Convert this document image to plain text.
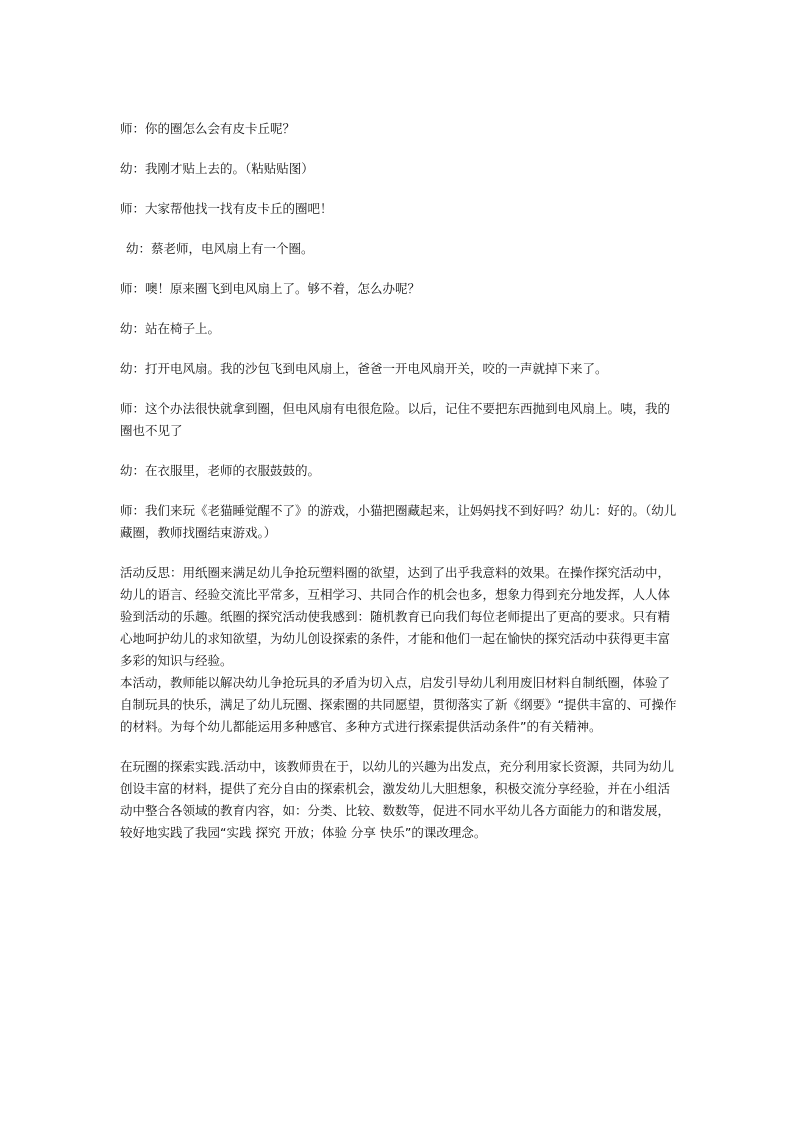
师：你的圈怎么会有皮卡丘呢？

幼：我刚才贴上去的。（粘贴贴图）

师：大家帮他找一找有皮卡丘的圈吧！

幼：蔡老师，电风扇上有一个圈。

师：噢！原来圈飞到电风扇上了。够不着，怎么办呢？

幼：站在椅子上。

幼：打开电风扇。我的沙包飞到电风扇上，爸爸一开电风扇开关，咬的一声就掉下来了。

师：这个办法很快就拿到圈，但电风扇有电很危险。以后，记住不要把东西抛到电风扇上。咦，我的圈也不见了

幼：在衣服里，老师的衣服鼓鼓的。

师：我们来玩《老猫睡觉醒不了》的游戏，小猫把圈藏起来，让妈妈找不到好吗？幼儿：好的。（幼儿藏圈，教师找圈结束游戏。）

活动反思：用纸圈来满足幼儿争抢玩塑料圈的欲望，达到了出乎我意料的效果。在操作探究活动中，幼儿的语言、经验交流比平常多，互相学习、共同合作的机会也多，想象力得到充分地发挥，人人体验到活动的乐趣。纸圈的探究活动使我感到：随机教育已向我们每位老师提出了更高的要求。只有精心地呵护幼儿的求知欲望，为幼儿创设探索的条件，才能和他们一起在愉快的探究活动中获得更丰富多彩的知识与经验。

本活动，教师能以解决幼儿争抢玩具的矛盾为切入点，启发引导幼儿利用废旧材料自制纸圈，体验了自制玩具的快乐，满足了幼儿玩圈、探索圈的共同愿望，贯彻落实了新《纲要》“提供丰富的、可操作的材料。为每个幼儿都能运用多种感官、多种方式进行探索提供活动条件”的有关精神。

在玩圈的探索实践.活动中，该教师贵在于，以幼儿的兴趣为出发点，充分利用家长资源，共同为幼儿创设丰富的材料，提供了充分自由的探索机会，激发幼儿大胆想象，积极交流分享经验，并在小组活动中整合各领域的教育内容，如：分类、比较、数数等，促进不同水平幼儿各方面能力的和谐发展，较好地实践了我园“实践 探究 开放；体验 分享 快乐”的课改理念。
